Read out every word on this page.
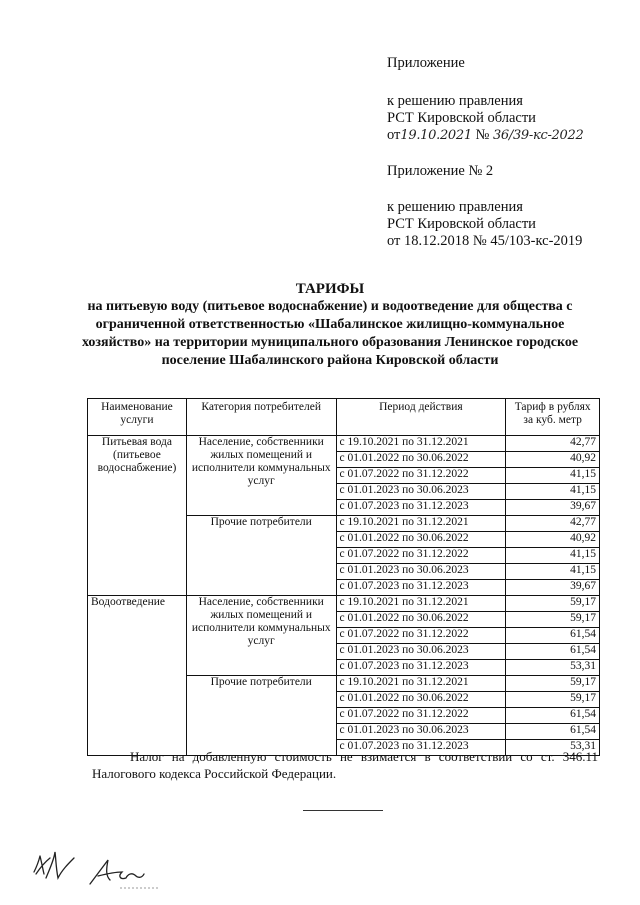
Приложение
к решению правления
РСТ Кировской области
от19.10.2021 № 36/39-кс-2022
Приложение № 2
к решению правления
РСТ Кировской области
от 18.12.2018 № 45/103-кс-2019
ТАРИФЫ
на питьевую воду (питьевое водоснабжение) и водоотведение для общества с ограниченной ответственностью «Шабалинское жилищно-коммунальное хозяйство» на территории муниципального образования Ленинское городское поселение Шабалинского района Кировской области
Наименование услуги	Категория потребителей	Период действия	Тариф в рублях за куб. метр
Питьевая вода (питьевое водоснабжение)	Население, собственники жилых помещений и исполнители коммунальных услуг	с 19.10.2021 по 31.12.2021	42,77
		с 01.01.2022 по 30.06.2022	40,92
		с 01.07.2022 по 31.12.2022	41,15
		с 01.01.2023 по 30.06.2023	41,15
		с 01.07.2023 по 31.12.2023	39,67
	Прочие потребители	с 19.10.2021 по 31.12.2021	42,77
		с 01.01.2022 по 30.06.2022	40,92
		с 01.07.2022 по 31.12.2022	41,15
		с 01.01.2023 по 30.06.2023	41,15
		с 01.07.2023 по 31.12.2023	39,67
Водоотведение	Население, собственники жилых помещений и исполнители коммунальных услуг	с 19.10.2021 по 31.12.2021	59,17
		с 01.01.2022 по 30.06.2022	59,17
		с 01.07.2022 по 31.12.2022	61,54
		с 01.01.2023 по 30.06.2023	61,54
		с 01.07.2023 по 31.12.2023	53,31
	Прочие потребители	с 19.10.2021 по 31.12.2021	59,17
		с 01.01.2022 по 30.06.2022	59,17
		с 01.07.2022 по 31.12.2022	61,54
		с 01.01.2023 по 30.06.2023	61,54
		с 01.07.2023 по 31.12.2023	53,31
Налог на добавленную стоимость не взимается в соответствии со ст. 346.11 Налогового кодекса Российской Федерации.
